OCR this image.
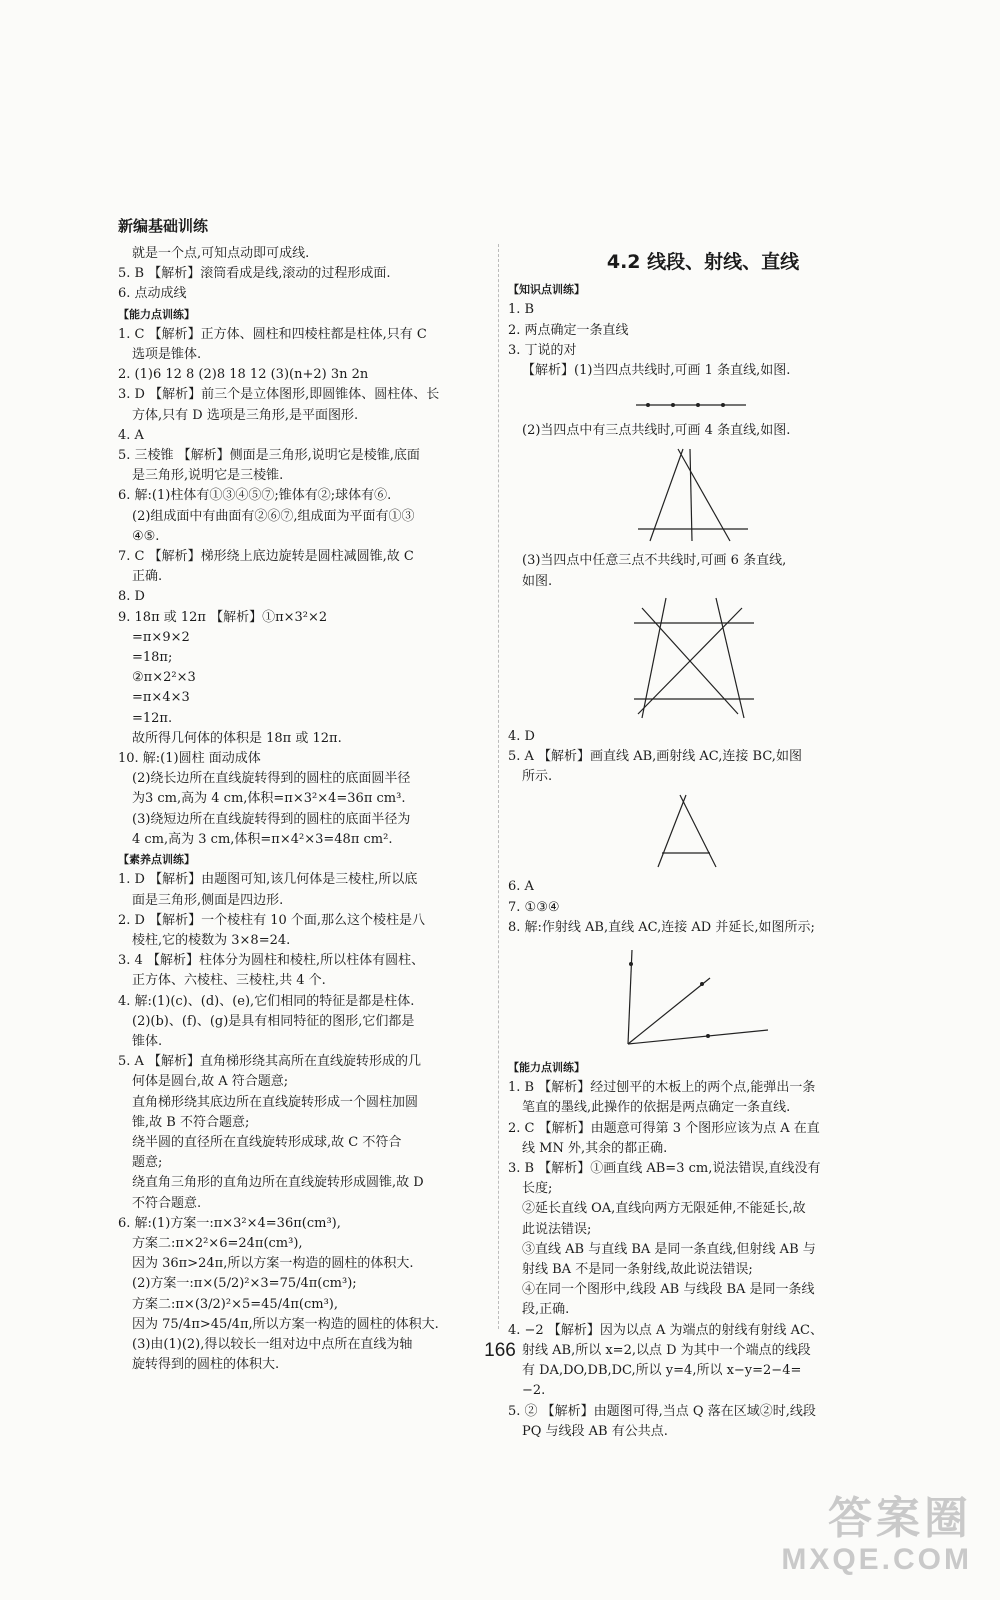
新编基础训练
就是一个点,可知点动即可成线.
5. B 【解析】滚筒看成是线,滚动的过程形成面.
6. 点动成线
【能力点训练】
1. C 【解析】正方体、圆柱和四棱柱都是柱体,只有 C
选项是锥体.
2. (1)6 12 8 (2)8 18 12 (3)(n+2) 3n 2n
3. D 【解析】前三个是立体图形,即圆锥体、圆柱体、长
方体,只有 D 选项是三角形,是平面图形.
4. A
5. 三棱锥 【解析】侧面是三角形,说明它是棱锥,底面
是三角形,说明它是三棱锥.
6. 解:(1)柱体有①③④⑤⑦;锥体有②;球体有⑥.
(2)组成面中有曲面有②⑥⑦,组成面为平面有①③
④⑤.
7. C 【解析】梯形绕上底边旋转是圆柱减圆锥,故 C
正确.
8. D
9. 18π 或 12π 【解析】①π×3²×2
=π×9×2
=18π;
②π×2²×3
=π×4×3
=12π.
故所得几何体的体积是 18π 或 12π.
10. 解:(1)圆柱 面动成体
(2)绕长边所在直线旋转得到的圆柱的底面圆半径
为3 cm,高为 4 cm,体积=π×3²×4=36π cm³.
(3)绕短边所在直线旋转得到的圆柱的底面半径为
4 cm,高为 3 cm,体积=π×4²×3=48π cm².
【素养点训练】
1. D 【解析】由题图可知,该几何体是三棱柱,所以底
面是三角形,侧面是四边形.
2. D 【解析】一个棱柱有 10 个面,那么这个棱柱是八
棱柱,它的棱数为 3×8=24.
3. 4 【解析】柱体分为圆柱和棱柱,所以柱体有圆柱、
正方体、六棱柱、三棱柱,共 4 个.
4. 解:(1)(c)、(d)、(e),它们相同的特征是都是柱体.
(2)(b)、(f)、(g)是具有相同特征的图形,它们都是
锥体.
5. A 【解析】直角梯形绕其高所在直线旋转形成的几
何体是圆台,故 A 符合题意;
直角梯形绕其底边所在直线旋转形成一个圆柱加圆
锥,故 B 不符合题意;
绕半圆的直径所在直线旋转形成球,故 C 不符合
题意;
绕直角三角形的直角边所在直线旋转形成圆锥,故 D
不符合题意.
6. 解:(1)方案一:π×3²×4=36π(cm³),
方案二:π×2²×6=24π(cm³),
因为 36π>24π,所以方案一构造的圆柱的体积大.
(2)方案一:π×(5/2)²×3=75/4π(cm³);
方案二:π×(3/2)²×5=45/4π(cm³),
因为 75/4π>45/4π,所以方案一构造的圆柱的体积大.
(3)由(1)(2),得以较长一组对边中点所在直线为轴
旋转得到的圆柱的体积大.
4.2 线段、射线、直线
【知识点训练】
1. B
2. 两点确定一条直线
3. 丁说的对
【解析】(1)当四点共线时,可画 1 条直线,如图.
(2)当四点中有三点共线时,可画 4 条直线,如图.
(3)当四点中任意三点不共线时,可画 6 条直线,
如图.
4. D
5. A 【解析】画直线 AB,画射线 AC,连接 BC,如图
所示.
6. A
7. ①③④
8. 解:作射线 AB,直线 AC,连接 AD 并延长,如图所示;
【能力点训练】
1. B 【解析】经过刨平的木板上的两个点,能弹出一条
笔直的墨线,此操作的依据是两点确定一条直线.
2. C 【解析】由题意可得第 3 个图形应该为点 A 在直
线 MN 外,其余的都正确.
3. B 【解析】①画直线 AB=3 cm,说法错误,直线没有
长度;
②延长直线 OA,直线向两方无限延伸,不能延长,故
此说法错误;
③直线 AB 与直线 BA 是同一条直线,但射线 AB 与
射线 BA 不是同一条射线,故此说法错误;
④在同一个图形中,线段 AB 与线段 BA 是同一条线
段,正确.
4. −2 【解析】因为以点 A 为端点的射线有射线 AC、
射线 AB,所以 x=2,以点 D 为其中一个端点的线段
有 DA,DO,DB,DC,所以 y=4,所以 x−y=2−4=
−2.
5. ② 【解析】由题图可得,当点 Q 落在区域②时,线段
PQ 与线段 AB 有公共点.
166
答案圈
MXQE.COM
